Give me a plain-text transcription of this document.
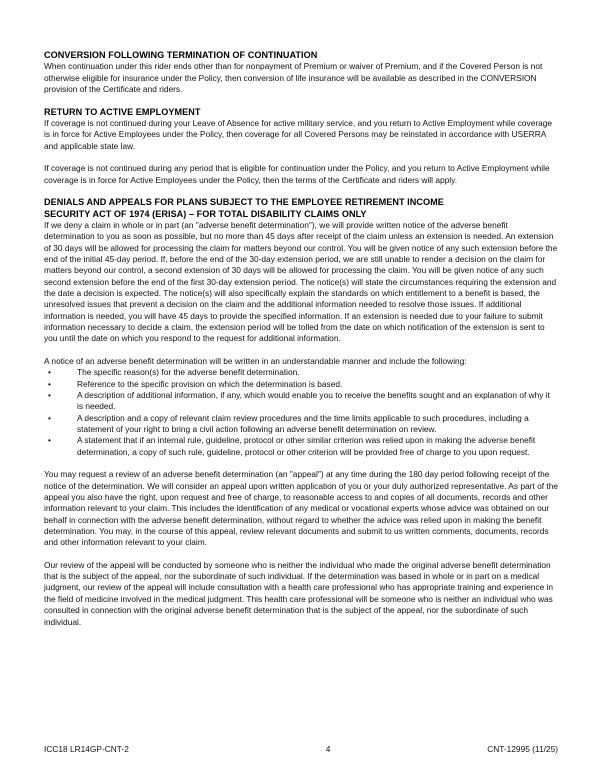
CONVERSION FOLLOWING TERMINATION OF CONTINUATION

When continuation under this rider ends other than for nonpayment of Premium or waiver of Premium, and if the Covered Person is not otherwise eligible for insurance under the Policy, then conversion of life insurance will be available as described in the CONVERSION provision of the Certificate and riders.

RETURN TO ACTIVE EMPLOYMENT

If coverage is not continued during your Leave of Absence for active military service, and you return to Active Employment while coverage is in force for Active Employees under the Policy, then coverage for all Covered Persons may be reinstated in accordance with USERRA and applicable state law.

If coverage is not continued during any period that is eligible for continuation under the Policy, and you return to Active Employment while coverage is in force for Active Employees under the Policy, then the terms of the Certificate and riders will apply.

DENIALS AND APPEALS FOR PLANS SUBJECT TO THE EMPLOYEE RETIREMENT INCOME
SECURITY ACT OF 1974 (ERISA) – FOR TOTAL DISABILITY CLAIMS ONLY

If we deny a claim in whole or in part (an "adverse benefit determination"), we will provide written notice of the adverse benefit determination to you as soon as possible, but no more than 45 days after receipt of the claim unless an extension is needed. An extension of 30 days will be allowed for processing the claim for matters beyond our control. You will be given notice of any such extension before the end of the initial 45-day period. If, before the end of the 30-day extension period, we are still unable to render a decision on the claim for matters beyond our control, a second extension of 30 days will be allowed for processing the claim. You will be given notice of any such second extension before the end of the first 30-day extension period. The notice(s) will state the circumstances requiring the extension and the date a decision is expected. The notice(s) will also specifically explain the standards on which entitlement to a benefit is based, the unresolved issues that prevent a decision on the claim and the additional information needed to resolve those issues. If additional information is needed, you will have 45 days to provide the specified information. If an extension is needed due to your failure to submit information necessary to decide a claim, the extension period will be tolled from the date on which notification of the extension is sent to you until the date on which you respond to the request for additional information.

A notice of an adverse benefit determination will be written in an understandable manner and include the following:

•	The specific reason(s) for the adverse benefit determination.
•	Reference to the specific provision on which the determination is based.
•	A description of additional information, if any, which would enable you to receive the benefits sought and an explanation of why it is needed.
•	A description and a copy of relevant claim review procedures and the time limits applicable to such procedures, including a statement of your right to bring a civil action following an adverse benefit determination on review.
•	A statement that if an internal rule, guideline, protocol or other similar criterion was relied upon in making the adverse benefit determination, a copy of such rule, guideline, protocol or other criterion will be provided free of charge to you upon request.

You may request a review of an adverse benefit determination (an "appeal") at any time during the 180 day period following receipt of the notice of the determination. We will consider an appeal upon written application of you or your duly authorized representative. As part of the appeal you also have the right, upon request and free of charge, to reasonable access to and copies of all documents, records and other information relevant to your claim. This includes the identification of any medical or vocational experts whose advice was obtained on our behalf in connection with the adverse benefit determination, without regard to whether the advice was relied upon in making the benefit determination. You may, in the course of this appeal, review relevant documents and submit to us written comments, documents, records and other information relevant to your claim.

Our review of the appeal will be conducted by someone who is neither the individual who made the original adverse benefit determination that is the subject of the appeal, nor the subordinate of such individual. If the determination was based in whole or in part on a medical judgment, our review of the appeal will include consultation with a health care professional who has appropriate training and experience in the field of medicine involved in the medical judgment. This health care professional will be someone who is neither an individual who was consulted in connection with the original adverse benefit determination that is the subject of the appeal, nor the subordinate of such individual.

ICC18 LR14GP-CNT-2	4	CNT-12995 (11/25)
